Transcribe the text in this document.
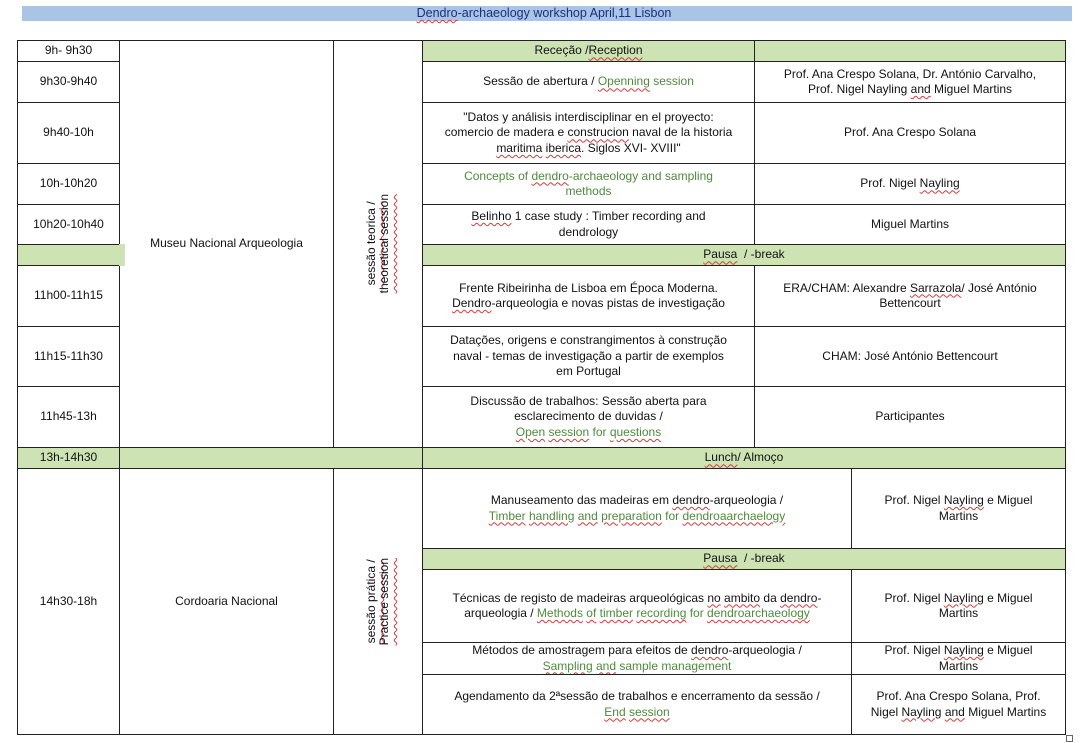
Dendro-archaeology workshop April,11 Lisbon
9h- 9h30
9h30-9h40
9h40-10h
10h-10h20
10h20-10h40
11h00-11h15
11h15-11h30
11h45-13h
13h-14h30
14h30-18h
Museu Nacional Arqueologia
Cordoaria Nacional
sessão teorica /
theoretical session
sessão prática /
Practice session
Receção /Reception
Sessão de abertura / Openning session
Prof. Ana Crespo Solana, Dr. António Carvalho,
Prof. Nigel Nayling and Miguel Martins
"Datos y análisis interdisciplinar en el proyecto:
comercio de madera e construcion naval de la historia
maritima iberica. Siglos XVI- XVIII"
Prof. Ana Crespo Solana
Concepts of dendro-archaeology and sampling
methods
Prof. Nigel Nayling
Belinho 1 case study : Timber recording and
dendrology
Miguel Martins
Pausa  / -break
Frente Ribeirinha de Lisboa em Época Moderna.
Dendro-arqueologia e novas pistas de investigação
ERA/CHAM: Alexandre Sarrazola/ José António
Bettencourt
Datações, origens e constrangimentos à construção
naval - temas de investigação a partir de exemplos
em Portugal
CHAM: José António Bettencourt
Discussão de trabalhos: Sessão aberta para
esclarecimento de duvidas /
Open session for questions
Participantes
Lunch/ Almoço
Manuseamento das madeiras em dendro-arqueologia /
Timber handling and preparation for dendroaarchaelogy
Prof. Nigel Nayling e Miguel
Martins
Pausa  / -break
Técnicas de registo de madeiras arqueológicas no ambito da dendro-
arqueologia / Methods of timber recording for dendroarchaeology
Prof. Nigel Nayling e Miguel
Martins
Métodos de amostragem para efeitos de dendro-arqueologia /
Sampling and sample management
Prof. Nigel Nayling e Miguel
Martins
Agendamento da 2ªsessão de trabalhos e encerramento da sessão /
End session
Prof. Ana Crespo Solana, Prof.
Nigel Nayling and Miguel Martins
